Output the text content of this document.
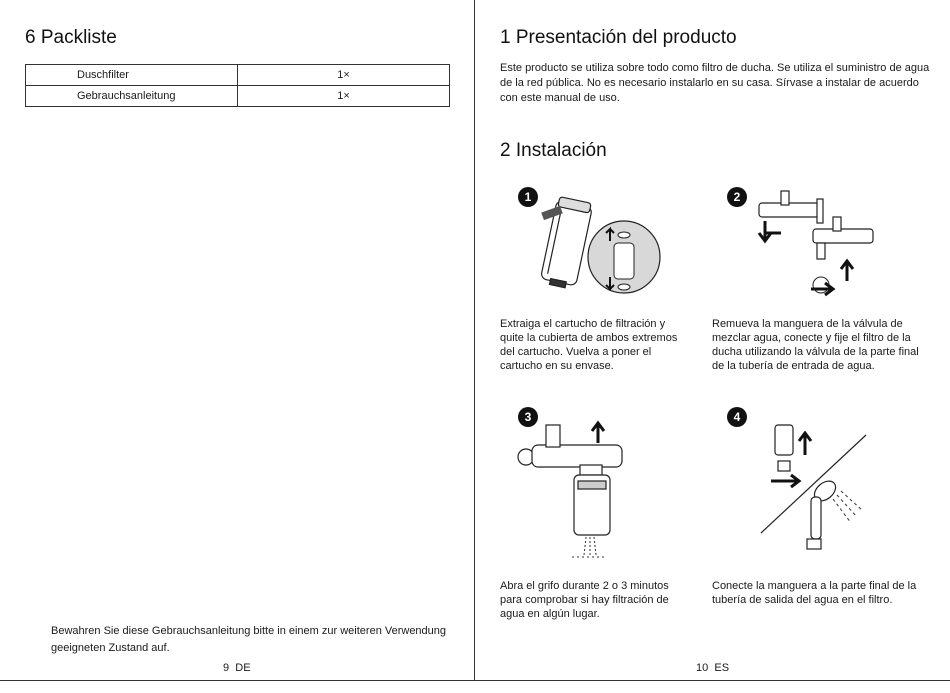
6 Packliste
Duschfilter	1×
Gebrauchsanleitung	1×

Bewahren Sie diese Gebrauchsanleitung bitte in einem zur weiteren Verwendung geeigneten Zustand auf.

9 DE
1 Presentación del producto

Este producto se utiliza sobre todo como filtro de ducha. Se utiliza el suministro de agua de la red pública. No es necesario instalarlo en su casa. Sírvase a instalar de acuerdo con este manual de uso.

2 Instalación
1	2

Extraiga el cartucho de filtración y quite la cubierta de ambos extremos del cartucho. Vuelva a poner el cartucho en su envase.

Remueva la manguera de la válvula de mezclar agua, conecte y fije el filtro de la ducha utilizando la válvula de la parte final de la tubería de entrada de agua.

3	4

Abra el grifo durante 2 o 3 minutos para comprobar si hay filtración de agua en algún lugar.

Conecte la manguera a la parte final de la tubería de salida del agua en el filtro.

10 ES
